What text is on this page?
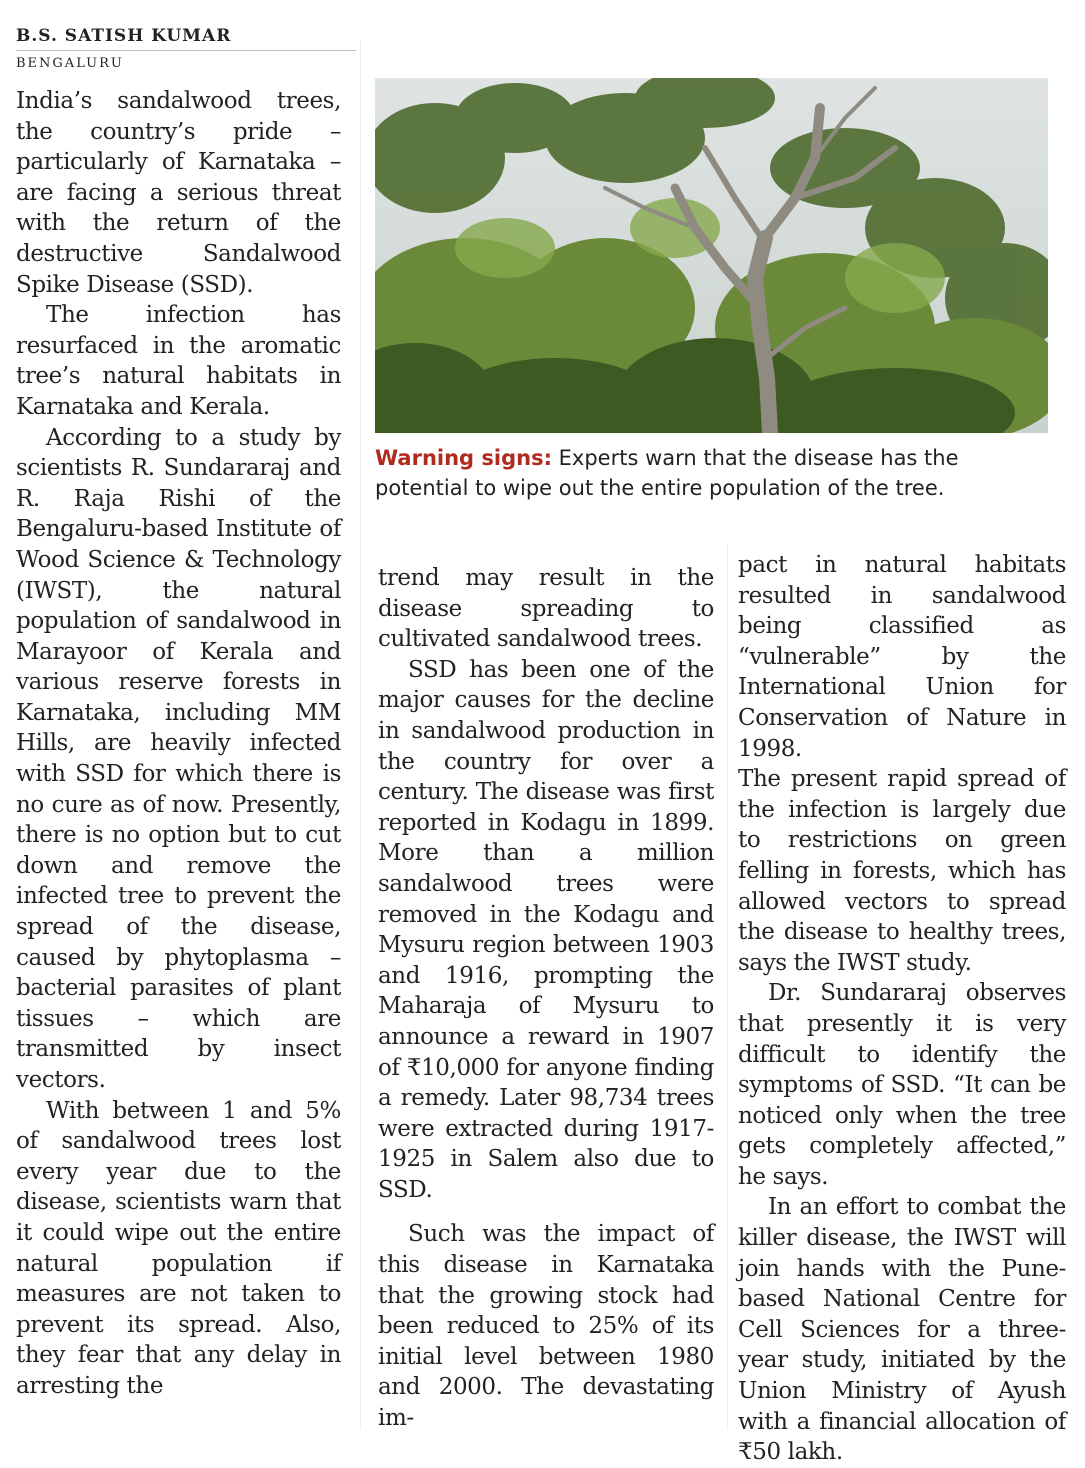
B.S. SATISH KUMAR
BENGALURU

India’s sandalwood trees, the country’s pride – particularly of Karnataka – are facing a serious threat with the return of the destructive Sandalwood Spike Disease (SSD).

The infection has resurfaced in the aromatic tree’s natural habitats in Karnataka and Kerala.

According to a study by scientists R. Sundararaj and R. Raja Rishi of the Bengaluru-based Institute of Wood Science & Technology (IWST), the natural population of sandalwood in Marayoor of Kerala and various reserve forests in Karnataka, including MM Hills, are heavily infected with SSD for which there is no cure as of now. Presently, there is no option but to cut down and remove the infected tree to prevent the spread of the disease, caused by phytoplasma – bacterial parasites of plant tissues – which are transmitted by insect vectors.

With between 1 and 5% of sandalwood trees lost every year due to the disease, scientists warn that it could wipe out the entire natural population if measures are not taken to prevent its spread. Also, they fear that any delay in arresting the

Warning signs: Experts warn that the disease has the potential to wipe out the entire population of the tree.

trend may result in the disease spreading to cultivated sandalwood trees.

SSD has been one of the major causes for the decline in sandalwood production in the country for over a century. The disease was first reported in Kodagu in 1899. More than a million sandalwood trees were removed in the Kodagu and Mysuru region between 1903 and 1916, prompting the Maharaja of Mysuru to announce a reward in 1907 of ₹10,000 for anyone finding a remedy. Later 98,734 trees were extracted during 1917-1925 in Salem also due to SSD.

Such was the impact of this disease in Karnataka that the growing stock had been reduced to 25% of its initial level between 1980 and 2000. The devastating im-

pact in natural habitats resulted in sandalwood being classified as “vulnerable” by the International Union for Conservation of Nature in 1998.

The present rapid spread of the infection is largely due to restrictions on green felling in forests, which has allowed vectors to spread the disease to healthy trees, says the IWST study.

Dr. Sundararaj observes that presently it is very difficult to identify the symptoms of SSD. “It can be noticed only when the tree gets completely affected,” he says.

In an effort to combat the killer disease, the IWST will join hands with the Pune-based National Centre for Cell Sciences for a three-year study, initiated by the Union Ministry of Ayush with a financial allocation of ₹50 lakh.
